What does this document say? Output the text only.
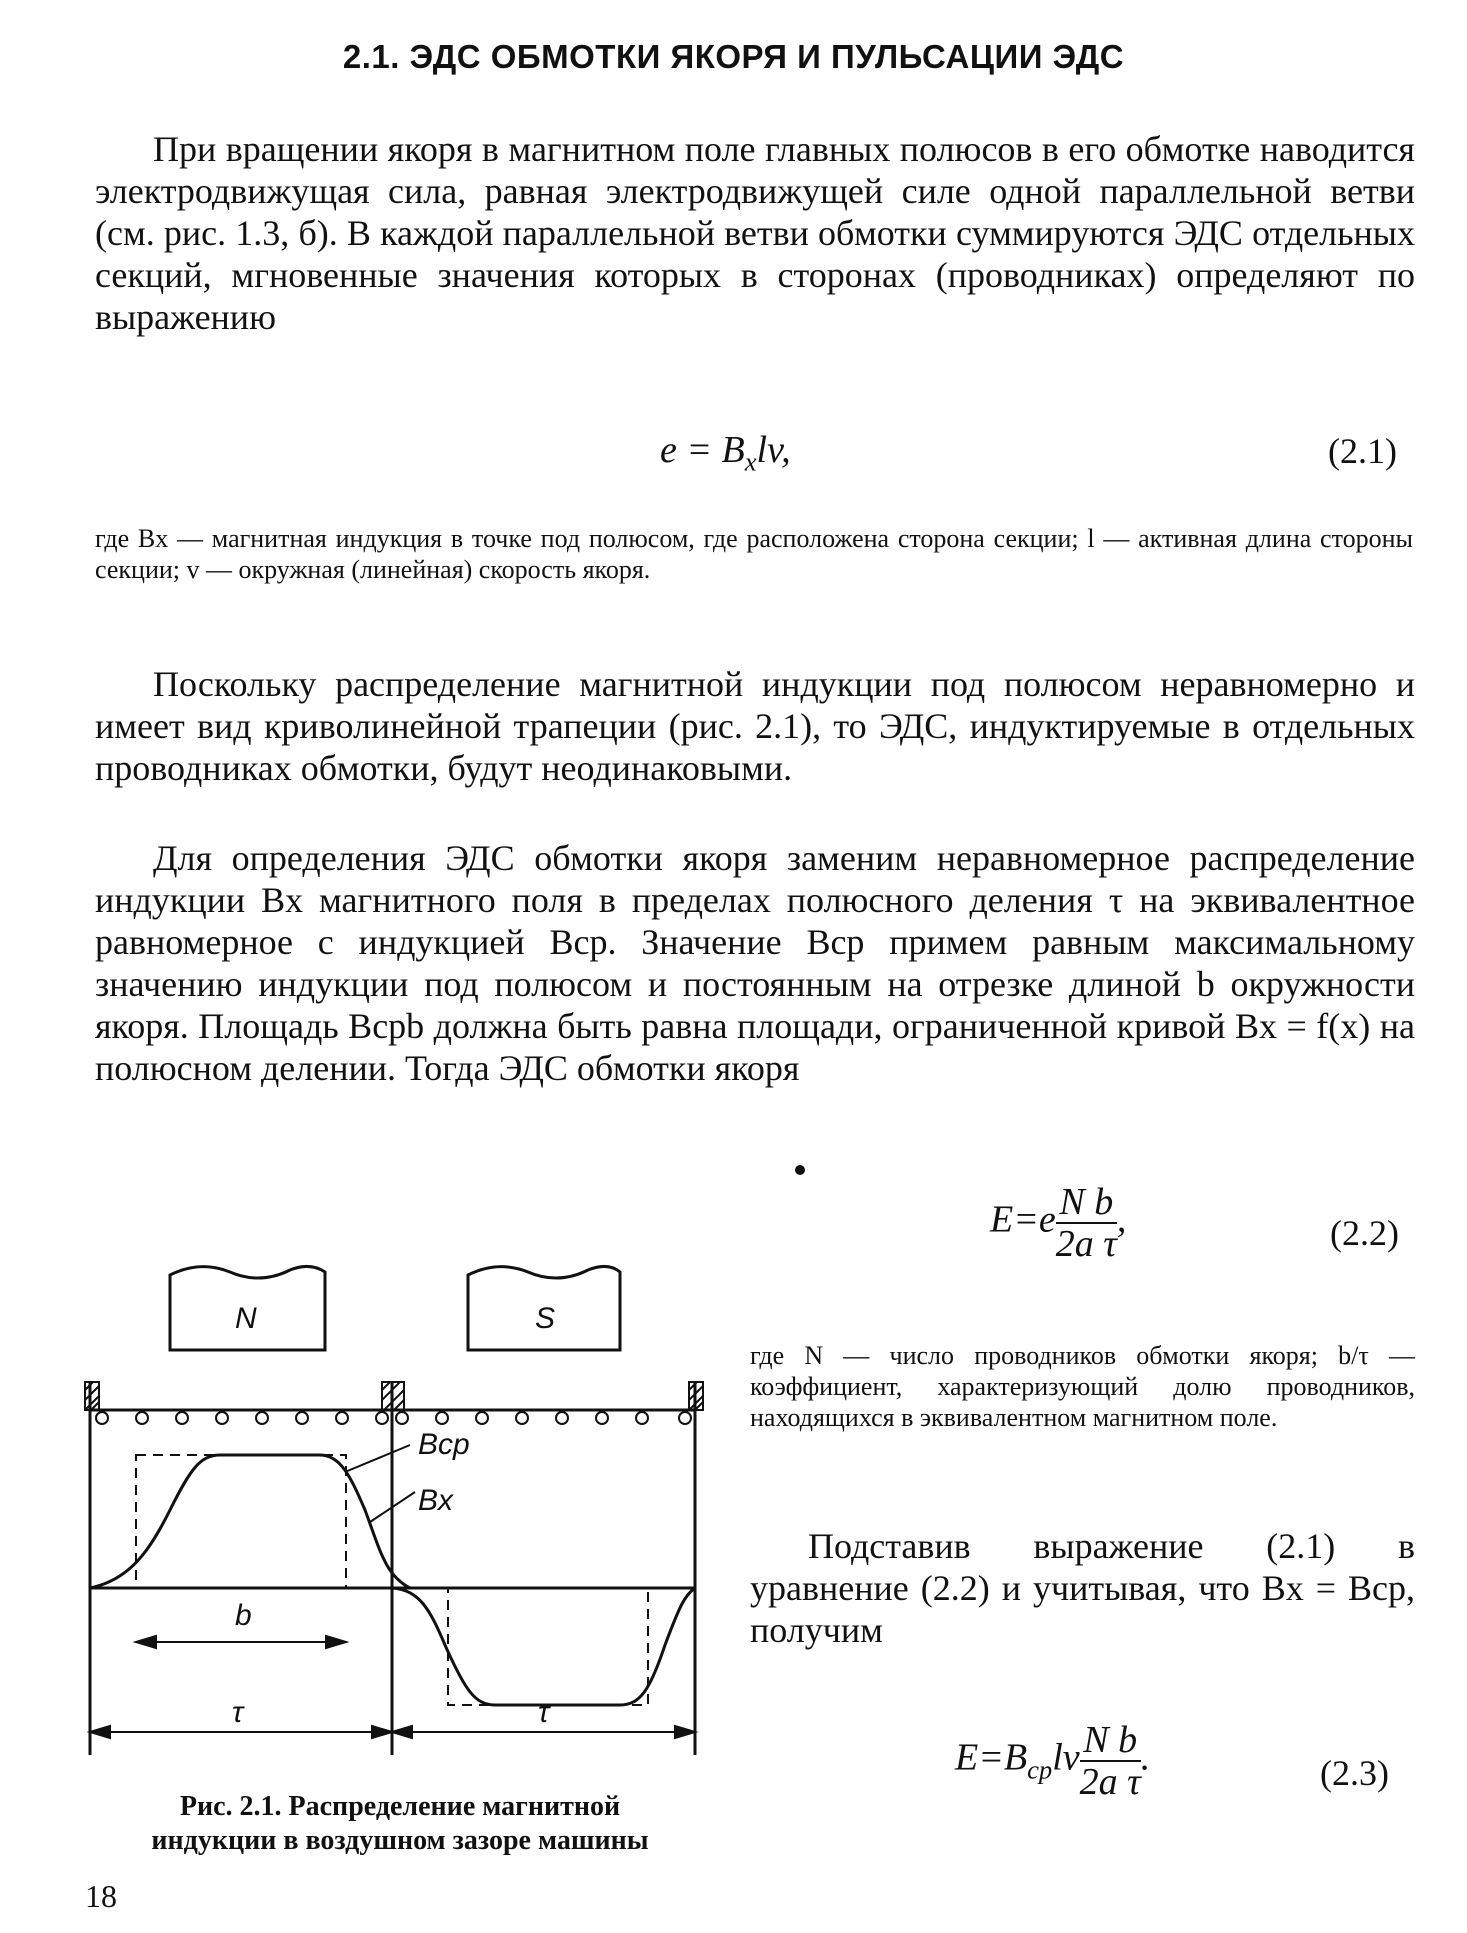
2.1. ЭДС ОБМОТКИ ЯКОРЯ И ПУЛЬСАЦИИ ЭДС

При вращении якоря в магнитном поле главных полюсов в его обмотке наводится электродвижущая сила, равная электродвижущей силе одной параллельной ветви (см. рис. 1.3, б). В каждой параллельной ветви обмотки суммируются ЭДС отдельных секций, мгновенные значения которых в сторонах (проводниках) определяют по выражению

$e = B_xlv$,	(2.1)
где Bx — магнитная индукция в точке под полюсом, где расположена сторона секции; l — активная длина стороны секции; v — окружная (линейная) скорость якоря.

Поскольку распределение магнитной индукции под полюсом неравномерно и имеет вид криволинейной трапеции (рис. 2.1), то ЭДС, индуктируемые в отдельных проводниках обмотки, будут неодинаковыми.

Для определения ЭДС обмотки якоря заменим неравномерное распределение индукции Bx магнитного поля в пределах полюсного деления τ на эквивалентное равномерное с индукцией Bср. Значение Bср примем равным максимальному значению индукции под полюсом и постоянным на отрезке длиной b окружности якоря. Площадь Bсрb должна быть равна площади, ограниченной кривой Bx = f(x) на полюсном делении. Тогда ЭДС обмотки якоря

$E=e \frac{\text{N b}}{\text{2a τ}}$ ,	(2.2)
N	S
Bср
Bx
b
τ	τ
где N — число проводников обмотки якоря; b/τ — коэффициент, характеризующий долю проводников, находящихся в эквивалентном магнитном поле.

Подставив выражение (2.1) в уравнение (2.2) и учитывая, что Bx = Bср, получим

$E=B_{ср}lv \frac{\text{N b}}{\text{2a τ}}$ .	(2.3)
Рис. 2.1. Распределение магнитной
индукции в воздушном зазоре машины
18
